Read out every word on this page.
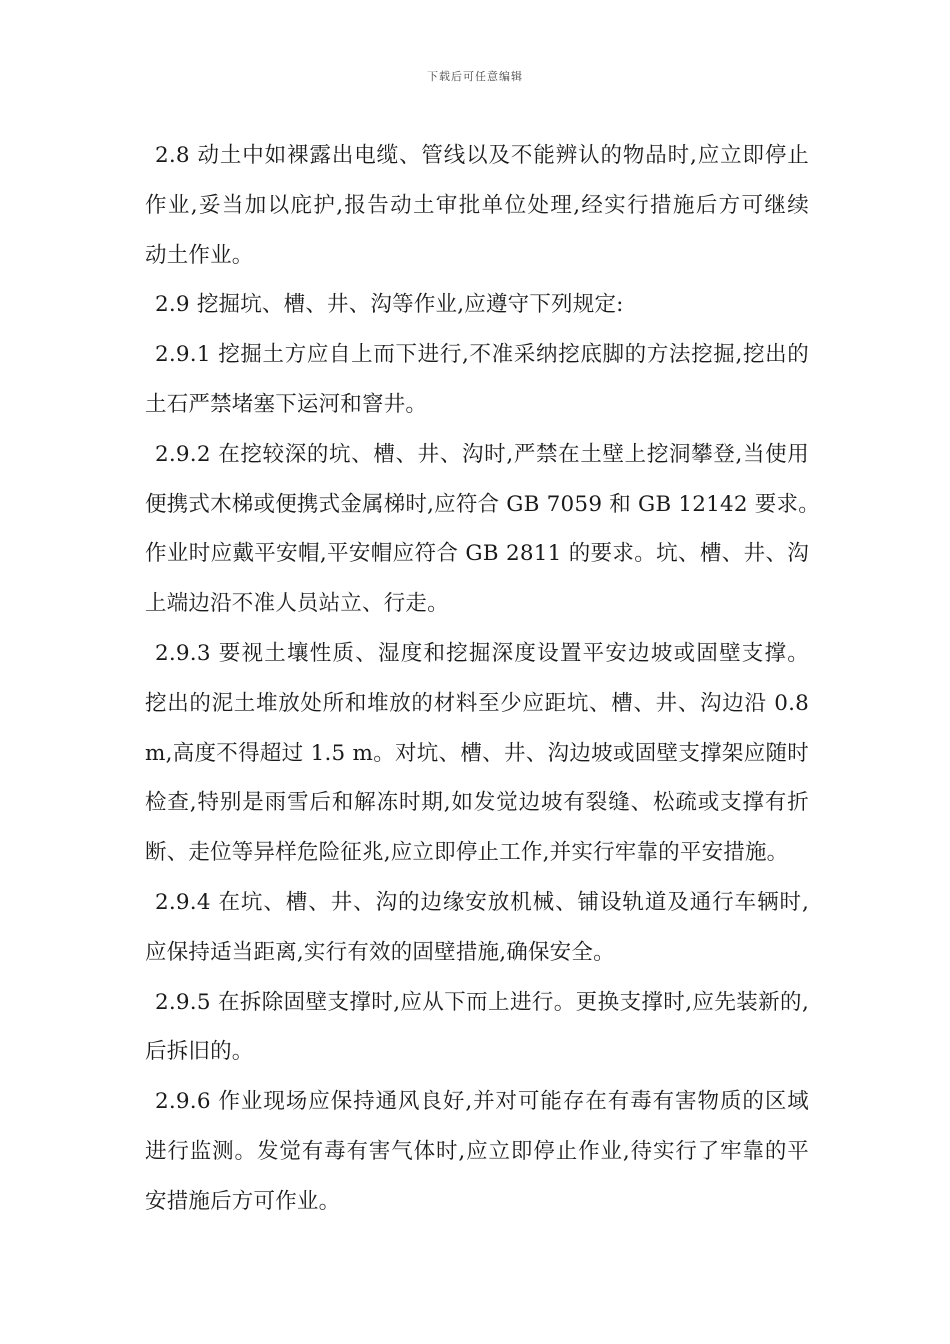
下载后可任意编辑
2.8 动土中如裸露出电缆、管线以及不能辨认的物品时,应立即停止
作业,妥当加以庇护,报告动土审批单位处理,经实行措施后方可继续
动土作业。
2.9 挖掘坑、槽、井、沟等作业,应遵守下列规定:
2.9.1 挖掘土方应自上而下进行,不准采纳挖底脚的方法挖掘,挖出的
土石严禁堵塞下运河和窨井。
2.9.2 在挖较深的坑、槽、井、沟时,严禁在土壁上挖洞攀登,当使用
便携式木梯或便携式金属梯时,应符合 GB 7059 和 GB 12142 要求。
作业时应戴平安帽,平安帽应符合 GB 2811 的要求。坑、槽、井、沟
上端边沿不准人员站立、行走。
2.9.3 要视土壤性质、湿度和挖掘深度设置平安边坡或固壁支撑。
挖出的泥土堆放处所和堆放的材料至少应距坑、槽、井、沟边沿 0.8
m,高度不得超过 1.5 m。对坑、槽、井、沟边坡或固壁支撑架应随时
检查,特别是雨雪后和解冻时期,如发觉边坡有裂缝、松疏或支撑有折
断、走位等异样危险征兆,应立即停止工作,并实行牢靠的平安措施。
2.9.4 在坑、槽、井、沟的边缘安放机械、铺设轨道及通行车辆时,
应保持适当距离,实行有效的固壁措施,确保安全。
2.9.5 在拆除固壁支撑时,应从下而上进行。更换支撑时,应先装新的,
后拆旧的。
2.9.6 作业现场应保持通风良好,并对可能存在有毒有害物质的区域
进行监测。发觉有毒有害气体时,应立即停止作业,待实行了牢靠的平
安措施后方可作业。
